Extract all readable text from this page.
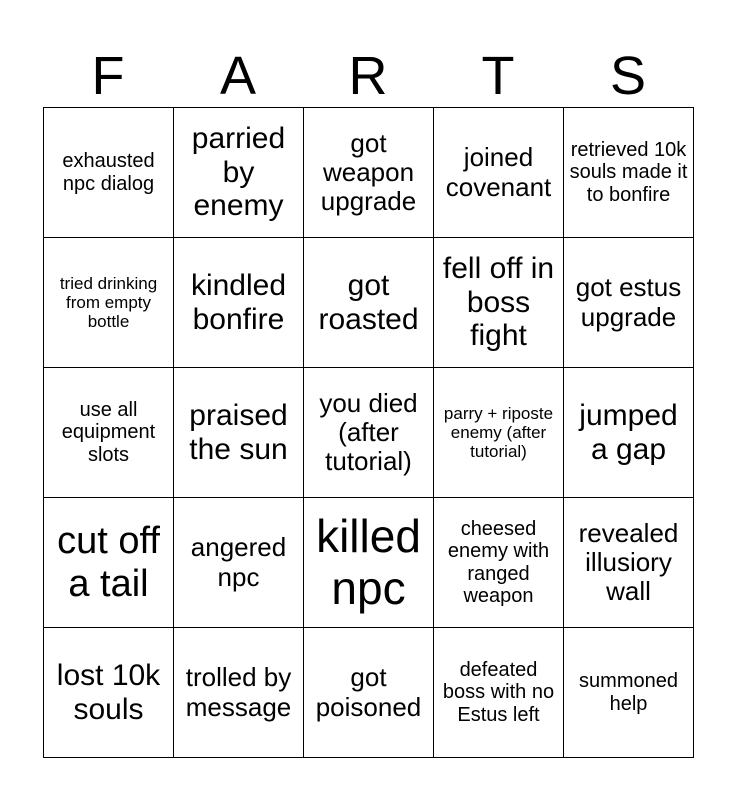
F	A	R	T	S
exhausted npc dialog	parried by enemy	got weapon upgrade	joined covenant	retrieved 10k souls made it to bonfire
tried drinking from empty bottle	kindled bonfire	got roasted	fell off in boss fight	got estus upgrade
use all equipment slots	praised the sun	you died (after tutorial)	parry + riposte enemy (after tutorial)	jumped a gap
cut off a tail	angered npc	killed npc	cheesed enemy with ranged weapon	revealed illusiory wall
lost 10k souls	trolled by message	got poisoned	defeated boss with no Estus left	summoned help
